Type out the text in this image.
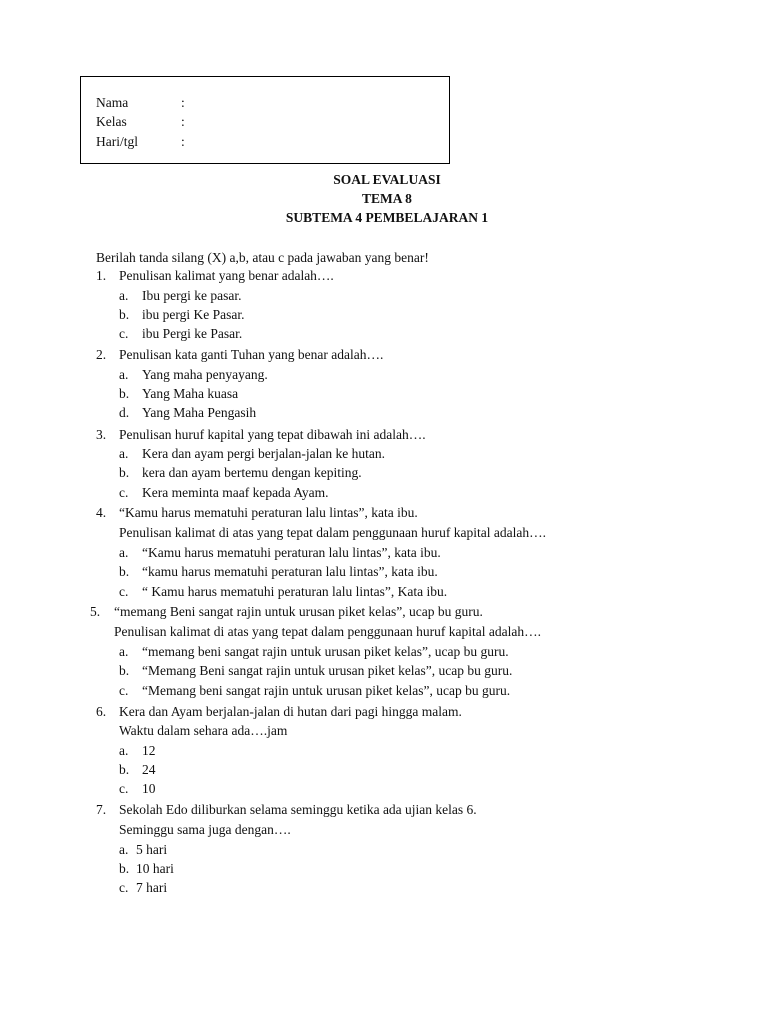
Nama	:
Kelas	:
Hari/tgl	:
SOAL EVALUASI
TEMA 8
SUBTEMA 4 PEMBELAJARAN 1
Berilah tanda silang (X) a,b, atau c pada jawaban yang benar!
1. Penulisan kalimat yang benar adalah….
a. Ibu pergi ke pasar.
b. ibu pergi Ke Pasar.
c. ibu Pergi ke Pasar.
2. Penulisan kata ganti Tuhan yang benar adalah….
a. Yang maha penyayang.
b. Yang Maha kuasa
d. Yang Maha Pengasih
3. Penulisan huruf kapital yang tepat dibawah ini adalah….
a. Kera dan ayam pergi berjalan-jalan ke hutan.
b. kera dan ayam bertemu dengan kepiting.
c. Kera meminta maaf kepada Ayam.
4. “Kamu harus mematuhi peraturan lalu lintas”, kata ibu.
Penulisan kalimat di atas yang tepat dalam penggunaan huruf kapital adalah….
a. “Kamu harus mematuhi peraturan lalu lintas”, kata ibu.
b. “kamu harus mematuhi peraturan lalu lintas”, kata ibu.
c. “ Kamu harus mematuhi peraturan lalu lintas”, Kata ibu.
5. “memang Beni sangat rajin untuk urusan piket kelas”, ucap bu guru.
Penulisan kalimat di atas yang tepat dalam penggunaan huruf kapital adalah….
a. “memang beni sangat rajin untuk urusan piket kelas”, ucap bu guru.
b. “Memang Beni sangat rajin untuk urusan piket kelas”, ucap bu guru.
c. “Memang beni sangat rajin untuk urusan piket kelas”, ucap bu guru.
6. Kera dan Ayam berjalan-jalan di hutan dari pagi hingga malam.
Waktu dalam sehara ada….jam
a. 12
b. 24
c. 10
7. Sekolah Edo diliburkan selama seminggu ketika ada ujian kelas 6.
Seminggu sama juga dengan….
a. 5 hari
b. 10 hari
c. 7 hari
